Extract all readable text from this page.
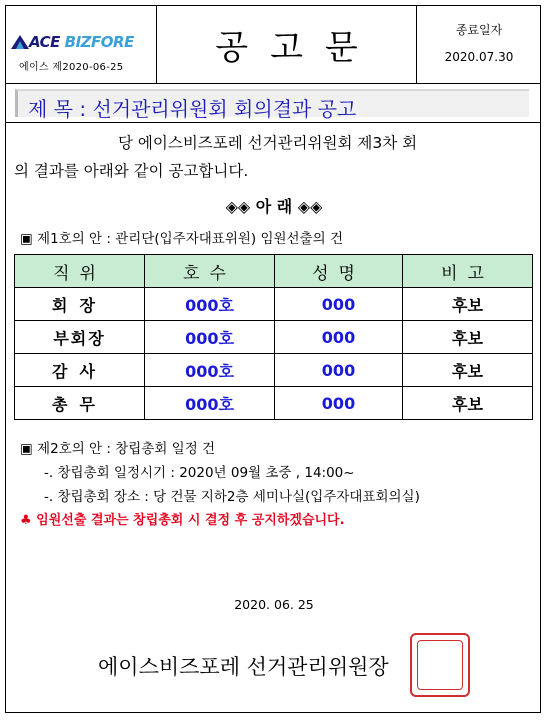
ACE BIZFORE
에이스 제2020-06-25	공고문	종료일자
2020.07.30
제 목 : 선거관리위원회 회의결과 공고
당 에이스비즈포레 선거관리위원회 제3차 회
의 결과를 아래와 같이 공고합니다.
◈◈ 아 래 ◈◈
▣ 제1호의 안 : 관리단(입주자대표위원) 임원선출의 건
직위	호수	성명	비고
회장	000호	000	후보
부회장	000호	000	후보
감사	000호	000	후보
총무	000호	000	후보
▣ 제2호의 안 : 창립총회 일정 건
-. 창립총회 일정시기 : 2020년 09월 초중 , 14:00~
-. 창립총회 장소 : 당 건물 지하2층 세미나실(입주자대표회의실)
♣ 임원선출 결과는 창립총회 시 결정 후 공지하겠습니다.
2020. 06. 25
에이스비즈포레 선거관리위원장
